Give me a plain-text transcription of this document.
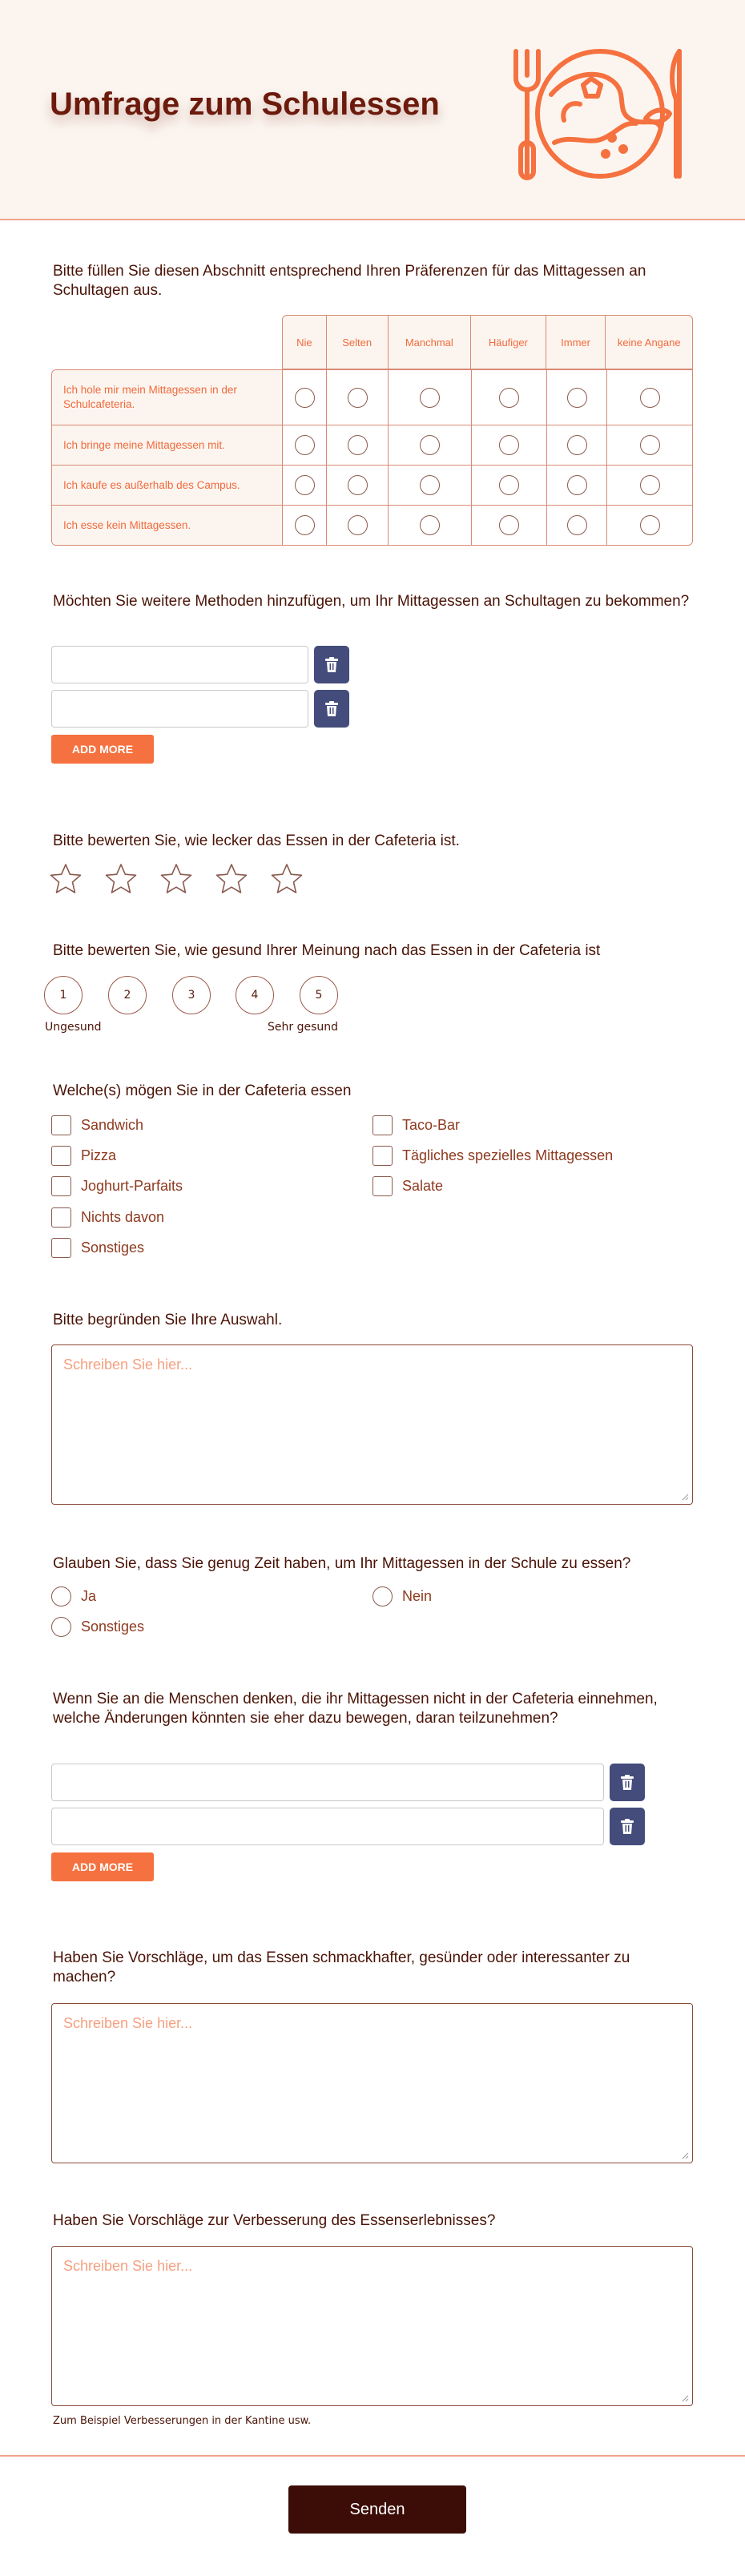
Umfrage zum Schulessen
Bitte füllen Sie diesen Abschnitt entsprechend Ihren Präferenzen für das Mittagessen an Schultagen aus.
Nie	Selten	Manchmal	Häufiger	Immer	keine Angane
Ich hole mir mein Mittagessen in der Schulcafeteria.
Ich bringe meine Mittagessen mit.
Ich kaufe es außerhalb des Campus.
Ich esse kein Mittagessen.
Möchten Sie weitere Methoden hinzufügen, um Ihr Mittagessen an Schultagen zu bekommen?
ADD MORE
Bitte bewerten Sie, wie lecker das Essen in der Cafeteria ist.
Bitte bewerten Sie, wie gesund Ihrer Meinung nach das Essen in der Cafeteria ist
1	2	3	4	5
Ungesund	Sehr gesund
Welche(s) mögen Sie in der Cafeteria essen
Sandwich
Pizza
Joghurt-Parfaits
Nichts davon
Sonstiges
Taco-Bar
Tägliches spezielles Mittagessen
Salate
Bitte begründen Sie Ihre Auswahl.
Schreiben Sie hier...
Glauben Sie, dass Sie genug Zeit haben, um Ihr Mittagessen in der Schule zu essen?
Ja	Nein
Sonstiges
Wenn Sie an die Menschen denken, die ihr Mittagessen nicht in der Cafeteria einnehmen, welche Änderungen könnten sie eher dazu bewegen, daran teilzunehmen?
ADD MORE
Haben Sie Vorschläge, um das Essen schmackhafter, gesünder oder interessanter zu machen?
Schreiben Sie hier...
Haben Sie Vorschläge zur Verbesserung des Essenserlebnisses?
Schreiben Sie hier...
Zum Beispiel Verbesserungen in der Kantine usw.
Senden
